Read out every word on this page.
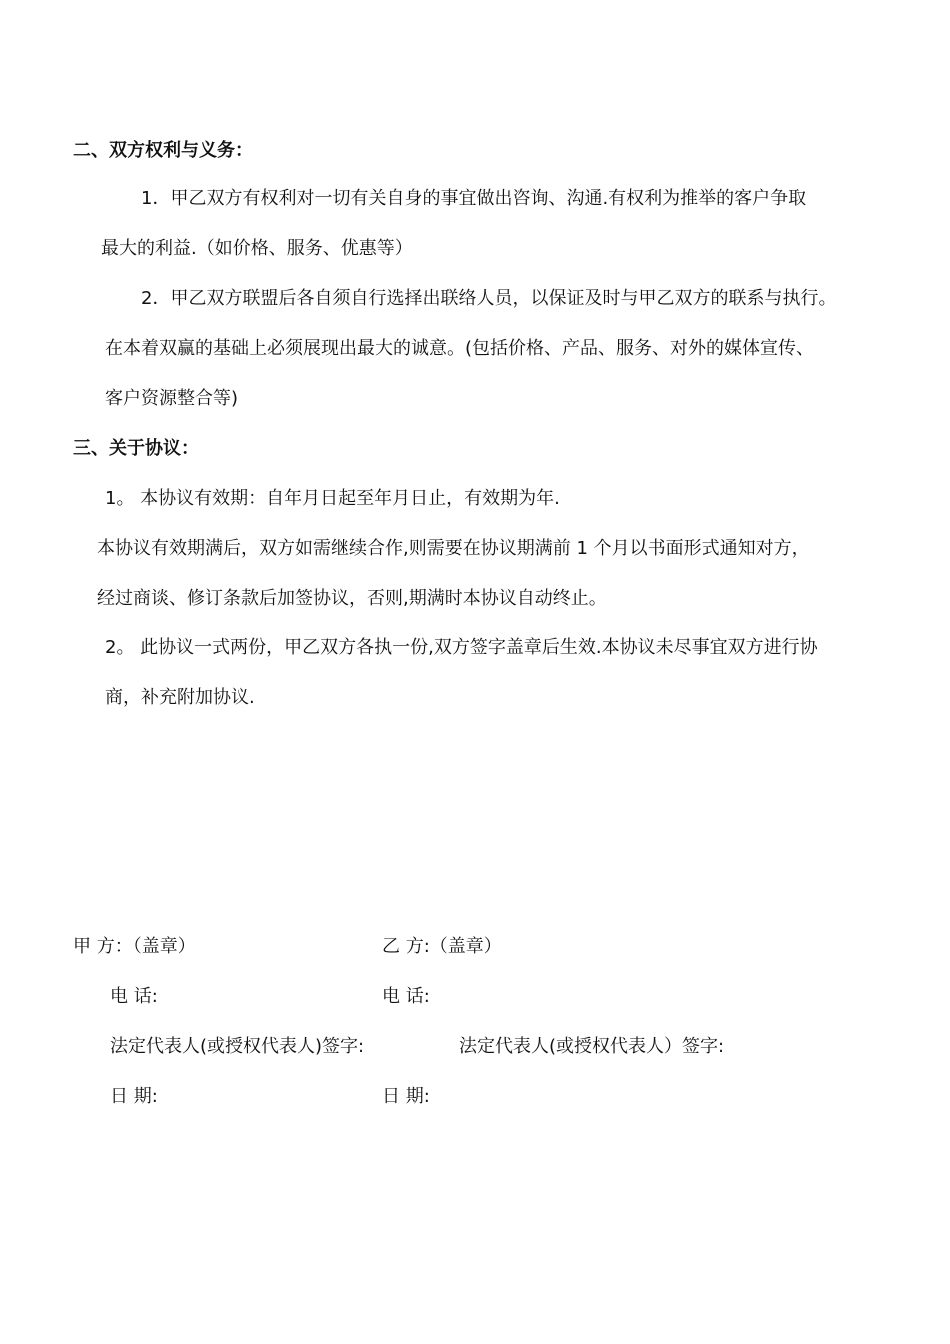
二、双方权利与义务：
1．甲乙双方有权利对一切有关自身的事宜做出咨询、沟通.有权利为推举的客户争取
最大的利益.（如价格、服务、优惠等）
2．甲乙双方联盟后各自须自行选择出联络人员，以保证及时与甲乙双方的联系与执行。
在本着双赢的基础上必须展现出最大的诚意。(包括价格、产品、服务、对外的媒体宣传、
客户资源整合等)
三、关于协议：
1。 本协议有效期：自年月日起至年月日止，有效期为年.
本协议有效期满后，双方如需继续合作,则需要在协议期满前 1 个月以书面形式通知对方，
经过商谈、修订条款后加签协议，否则,期满时本协议自动终止。
2。 此协议一式两份，甲乙双方各执一份,双方签字盖章后生效.本协议未尽事宜双方进行协
商，补充附加协议.
甲 方：（盖章）
电 话:
法定代表人(或授权代表人)签字:
日 期:
乙 方:（盖章）
电 话:
法定代表人(或授权代表人）签字:
日 期:
